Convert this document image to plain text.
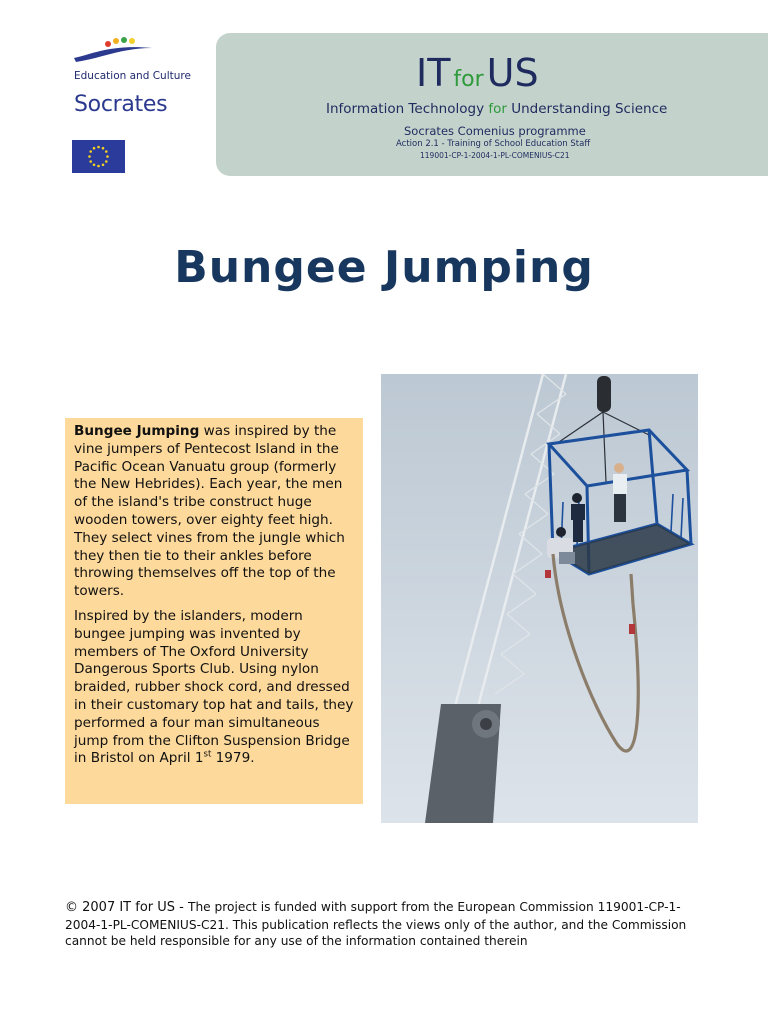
Education and Culture
Socrates
IT forUS
Information Technology for Understanding Science
Socrates Comenius programme
Action 2.1 - Training of School Education Staff
119001-CP-1-2004-1-PL-COMENIUS-C21
Bungee Jumping

Bungee Jumping was inspired by the vine jumpers of Pentecost Island in the Pacific Ocean Vanuatu group (formerly the New Hebrides). Each year, the men of the island's tribe construct huge wooden towers, over eighty feet high. They select vines from the jungle which they then tie to their ankles before throwing themselves off the top of the towers.

Inspired by the islanders, modern bungee jumping was invented by members of The Oxford University Dangerous Sports Club. Using nylon braided, rubber shock cord, and dressed in their customary top hat and tails, they performed a four man simultaneous jump from the Clifton Suspension Bridge in Bristol on April 1st 1979.

© 2007 IT for US - The project is funded with support from the European Commission 119001-CP-1-2004-1-PL-COMENIUS-C21. This publication reflects the views only of the author, and the Commission cannot be held responsible for any use of the information contained therein
